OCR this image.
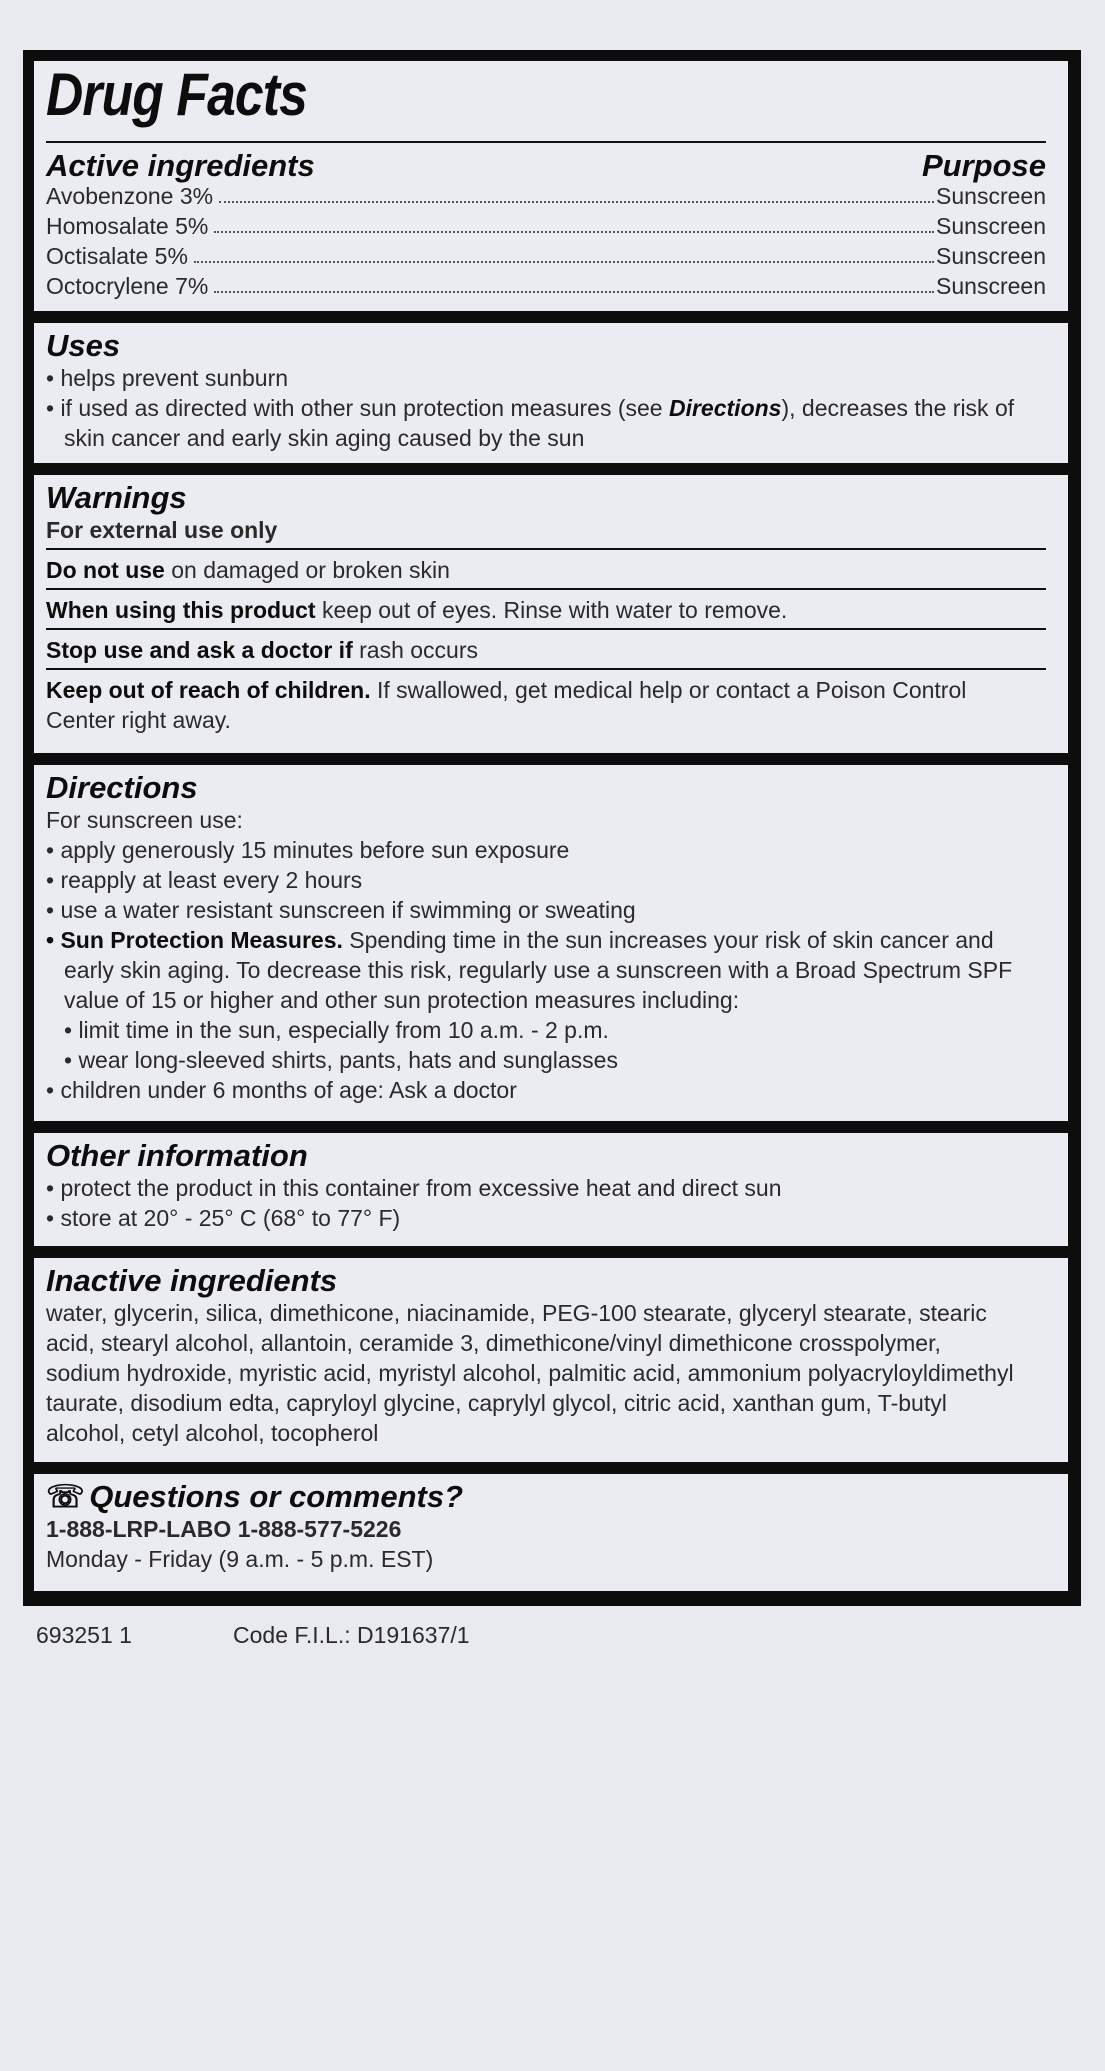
Drug Facts
Active ingredients	Purpose
Avobenzone 3%	Sunscreen
Homosalate 5%	Sunscreen
Octisalate 5%	Sunscreen
Octocrylene 7%	Sunscreen
Uses
• helps prevent sunburn
• if used as directed with other sun protection measures (see Directions), decreases the risk of
skin cancer and early skin aging caused by the sun
Warnings
For external use only
Do not use on damaged or broken skin
When using this product keep out of eyes. Rinse with water to remove.
Stop use and ask a doctor if rash occurs
Keep out of reach of children. If swallowed, get medical help or contact a Poison Control
Center right away.
Directions
For sunscreen use:
• apply generously 15 minutes before sun exposure
• reapply at least every 2 hours
• use a water resistant sunscreen if swimming or sweating
• Sun Protection Measures. Spending time in the sun increases your risk of skin cancer and
early skin aging. To decrease this risk, regularly use a sunscreen with a Broad Spectrum SPF
value of 15 or higher and other sun protection measures including:
• limit time in the sun, especially from 10 a.m. - 2 p.m.
• wear long-sleeved shirts, pants, hats and sunglasses
• children under 6 months of age: Ask a doctor
Other information
• protect the product in this container from excessive heat and direct sun
• store at 20° - 25° C (68° to 77° F)
Inactive ingredients
water, glycerin, silica, dimethicone, niacinamide, PEG-100 stearate, glyceryl stearate, stearic
acid, stearyl alcohol, allantoin, ceramide 3, dimethicone/vinyl dimethicone crosspolymer,
sodium hydroxide, myristic acid, myristyl alcohol, palmitic acid, ammonium polyacryloyldimethyl
taurate, disodium edta, capryloyl glycine, caprylyl glycol, citric acid, xanthan gum, T-butyl
alcohol, cetyl alcohol, tocopherol
☏ Questions or comments?
1-888-LRP-LABO 1-888-577-5226
Monday - Friday (9 a.m. - 5 p.m. EST)
693251 1	Code F.I.L.: D191637/1
